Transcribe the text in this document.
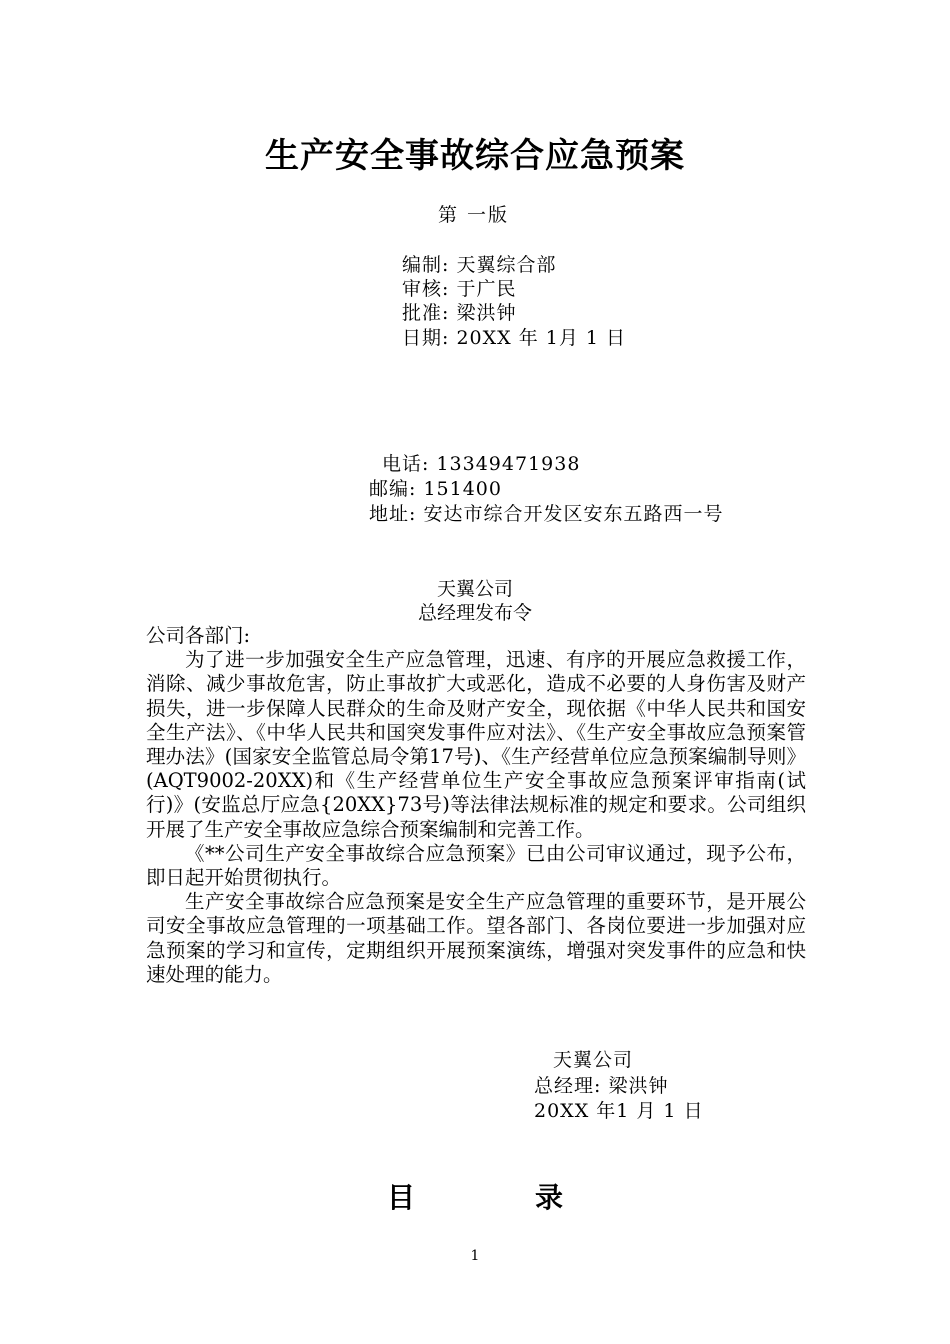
生产安全事故综合应急预案
第 一版
编制: 天翼综合部
审核: 于广民
批准: 梁洪钟
日期: 20XX 年 1月 1 日
电话: 13349471938
邮编: 151400
地址: 安达市综合开发区安东五路西一号
天翼公司
总经理发布令

公司各部门:

为了进一步加强安全生产应急管理，迅速、有序的开展应急救援工作，消除、减少事故危害，防止事故扩大或恶化，造成不必要的人身伤害及财产损失，进一步保障人民群众的生命及财产安全，现依据《中华人民共和国安全生产法》、《中华人民共和国突发事件应对法》、《生产安全事故应急预案管理办法》(国家安全监管总局令第17号)、《生产经营单位应急预案编制导则》(AQT9002-20XX)和《生产经营单位生产安全事故应急预案评审指南(试行)》(安监总厅应急{20XX}73号)等法律法规标准的规定和要求。公司组织开展了生产安全事故应急综合预案编制和完善工作。

《**公司生产安全事故综合应急预案》已由公司审议通过，现予公布，即日起开始贯彻执行。

生产安全事故综合应急预案是安全生产应急管理的重要环节，是开展公司安全事故应急管理的一项基础工作。望各部门、各岗位要进一步加强对应急预案的学习和宣传，定期组织开展预案演练，增强对突发事件的应急和快速处理的能力。

天翼公司
总经理: 梁洪钟
20XX 年1 月 1 日
目	录
1
